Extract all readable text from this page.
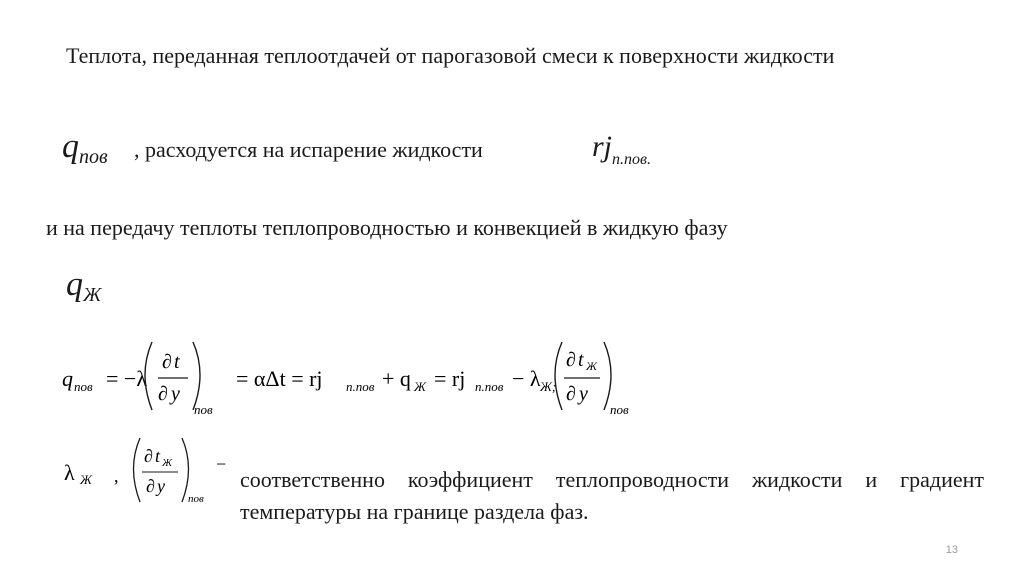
Теплота, переданная теплоотдачей от парогазовой смеси к поверхности жидкости
qпов , расходуется на испарение жидкости	$rj_{п.пов.}$
и на передачу теплоты теплопроводностью и конвекцией в жидкую фазу
qЖ
q пов = −λ
∂ t
∂ y
пов
= αΔt = rj п.пов + q Ж = rj п.пов − λ Ж;
∂ t Ж
∂ y
пов
λ Ж ,
∂ t Ж
∂ y
пов
−
соответственно коэффициент теплопроводности жидкости и градиент температуры на границе раздела фаз.
13
